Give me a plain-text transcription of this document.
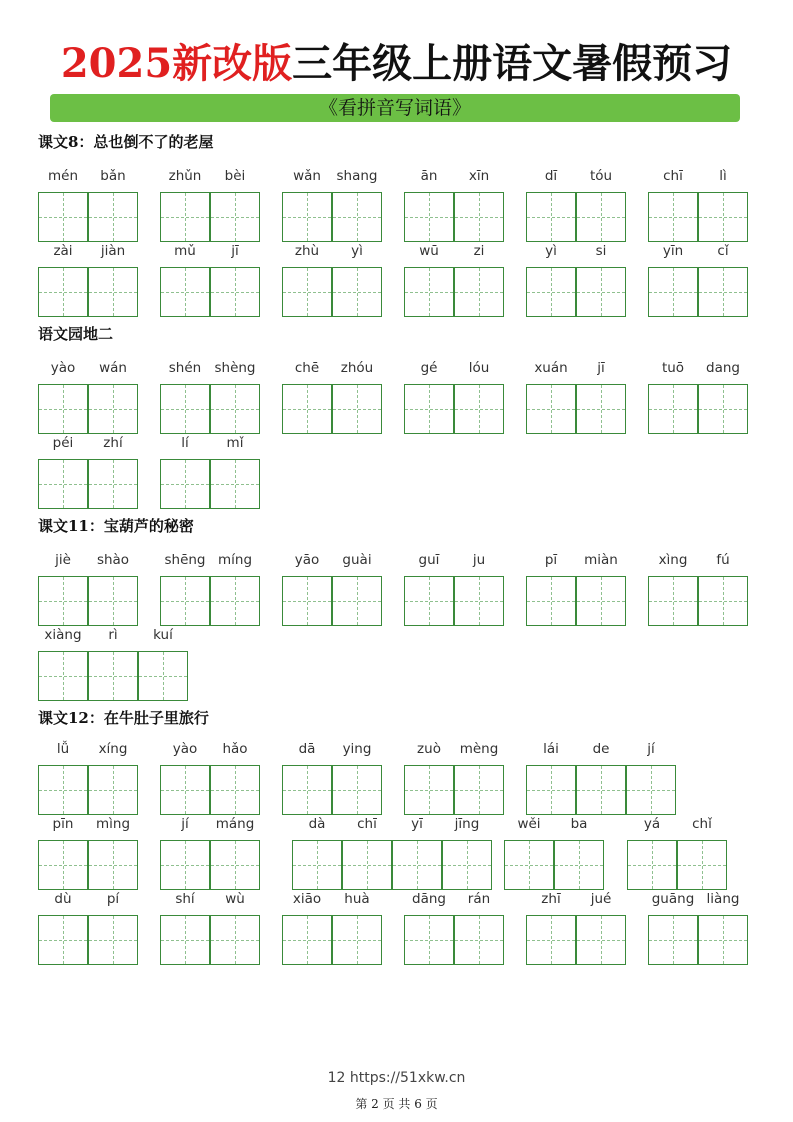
2025新改版三年级上册语文暑假预习
《看拼音写词语》
课文8：总也倒不了的老屋
mén	bǎn	zhǔn	bèi	wǎn	shang	ān	xīn	dī	tóu	chī	lì
zài	jiàn	mǔ	jī	zhù	yì	wū	zi	yì	si	yīn	cǐ
语文园地二
yào	wán	shén shèng	chē	zhóu	gé	lóu	xuán	jī	tuō	dang
péi	zhí	lí	mǐ
课文11：宝葫芦的秘密
jiè	shào	shēng míng	yāo	guài	guī	ju	pī	miàn	xìng	fú
xiàng	rì	kuí
课文12：在牛肚子里旅行
lǚ	xíng	yào	hǎo	dā	ying	zuò	mèng	lái	de	jí
pīn	mìng	jí	máng	dà	chī	yī	jīng	wěi	ba	yá	chǐ
dù	pí	shí	wù	xiāo	huà	dāng	rán	zhī	jué	guāng liàng
12 https://51xkw.cn
第 2 页 共 6 页
